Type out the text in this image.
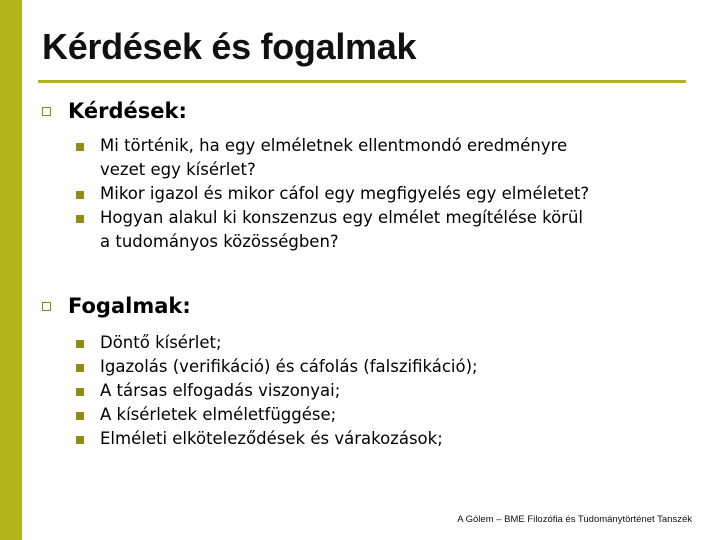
Kérdések és fogalmak
Kérdések:
Mi történik, ha egy elméletnek ellentmondó eredményre
vezet egy kísérlet?
Mikor igazol és mikor cáfol egy megfigyelés egy elméletet?
Hogyan alakul ki konszenzus egy elmélet megítélése körül
a tudományos közösségben?
Fogalmak:
Döntő kísérlet;
Igazolás (verifikáció) és cáfolás (falszifikáció);
A társas elfogadás viszonyai;
A kísérletek elméletfüggése;
Elméleti elköteleződések és várakozások;
A Gólem – BME Filozófia és Tudománytörténet Tanszék
